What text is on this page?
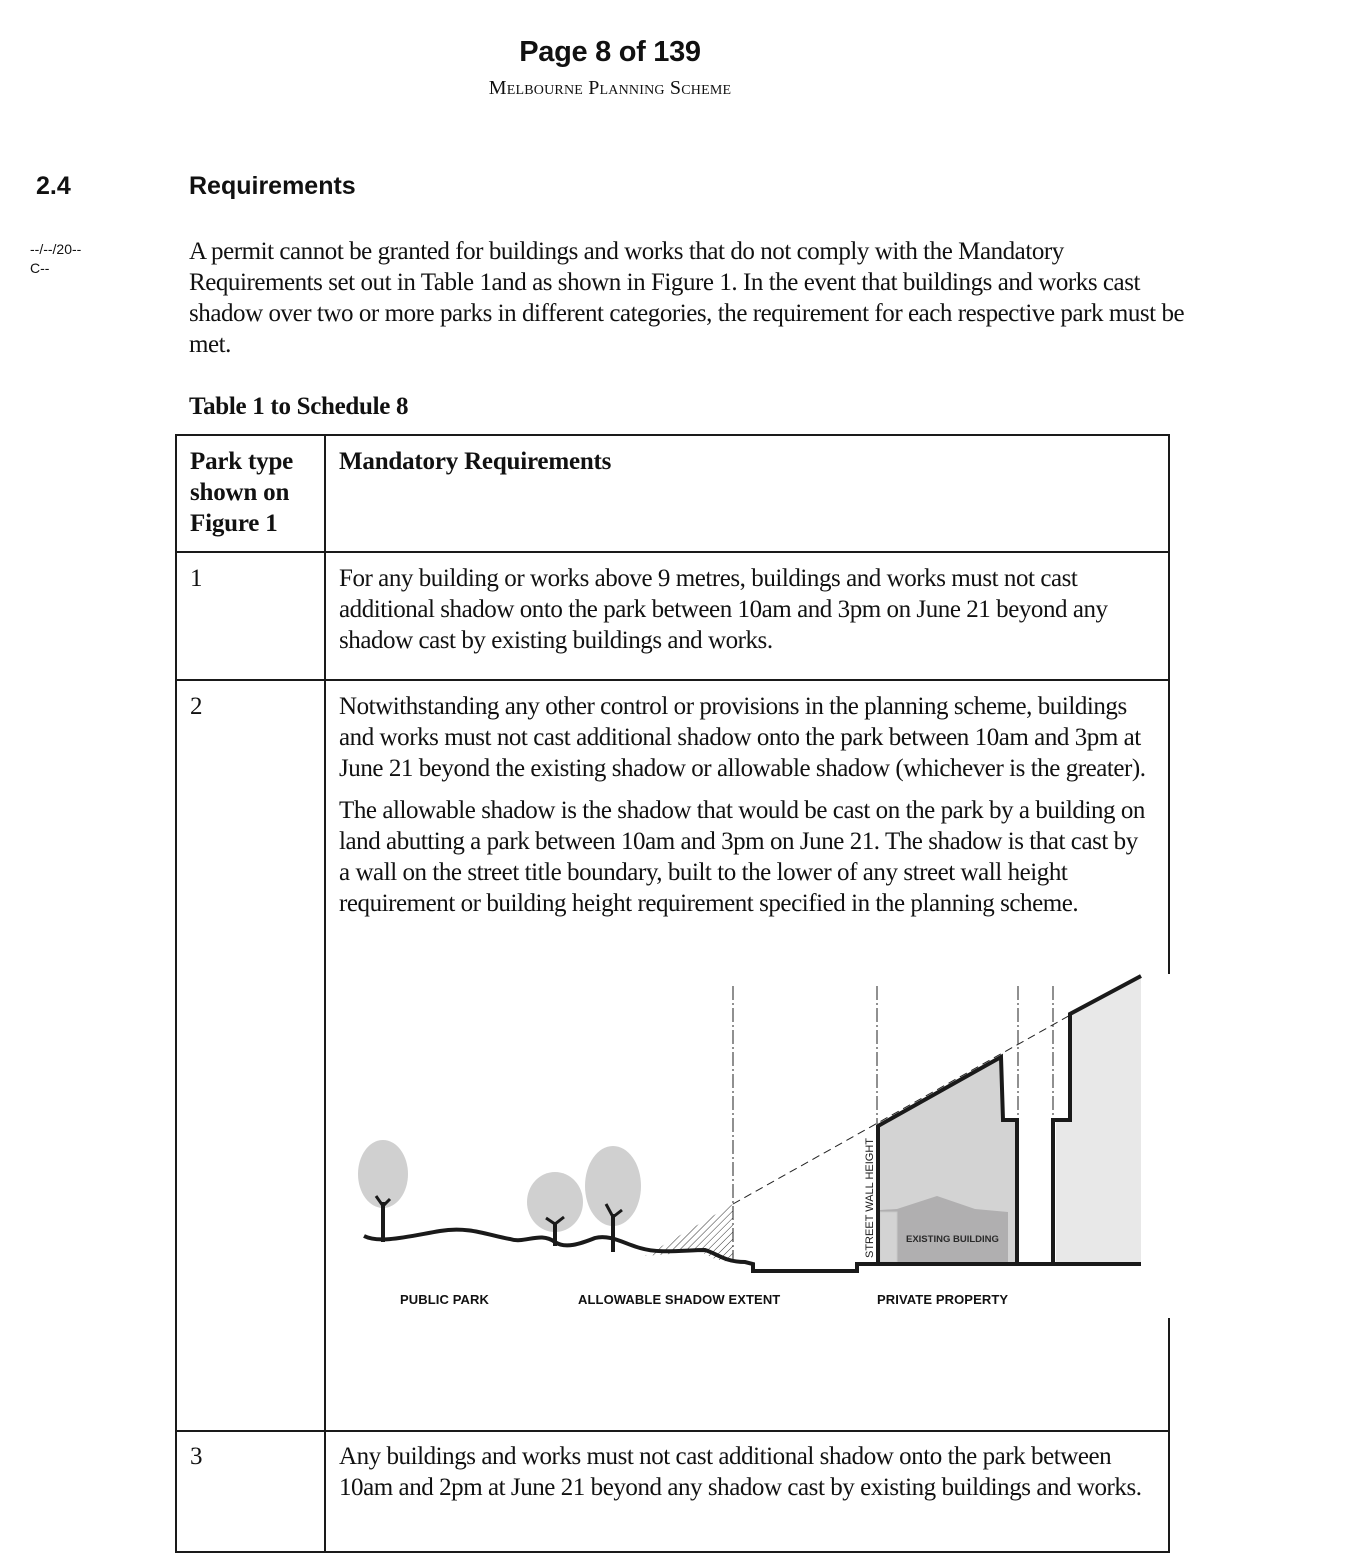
Page 8 of 139
Melbourne Planning Scheme
2.4	Requirements
--/--/20--
C--
A permit cannot be granted for buildings and works that do not comply with the Mandatory Requirements set out in Table 1and as shown in Figure 1. In the event that buildings and works cast shadow over two or more parks in different categories, the requirement for each respective park must be met.
Table 1 to Schedule 8
Park type shown on Figure 1	Mandatory Requirements
1	For any building or works above 9 metres, buildings and works must not cast additional shadow onto the park between 10am and 3pm on June 21 beyond any shadow cast by existing buildings and works.

2	Notwithstanding any other control or provisions in the planning scheme, buildings and works must not cast additional shadow onto the park between 10am and 3pm at June 21 beyond the existing shadow or allowable shadow (whichever is the greater).

The allowable shadow is the shadow that would be cast on the park by a building on land abutting a park between 10am and 3pm on June 21. The shadow is that cast by a wall on the street title boundary, built to the lower of any street wall height requirement or building height requirement specified in the planning scheme.

3	Any buildings and works must not cast additional shadow onto the park between 10am and 2pm at June 21 beyond any shadow cast by existing buildings and works.

STREET WALL HEIGHT	EXISTING BUILDING
PUBLIC PARK	ALLOWABLE SHADOW EXTENT	PRIVATE PROPERTY
